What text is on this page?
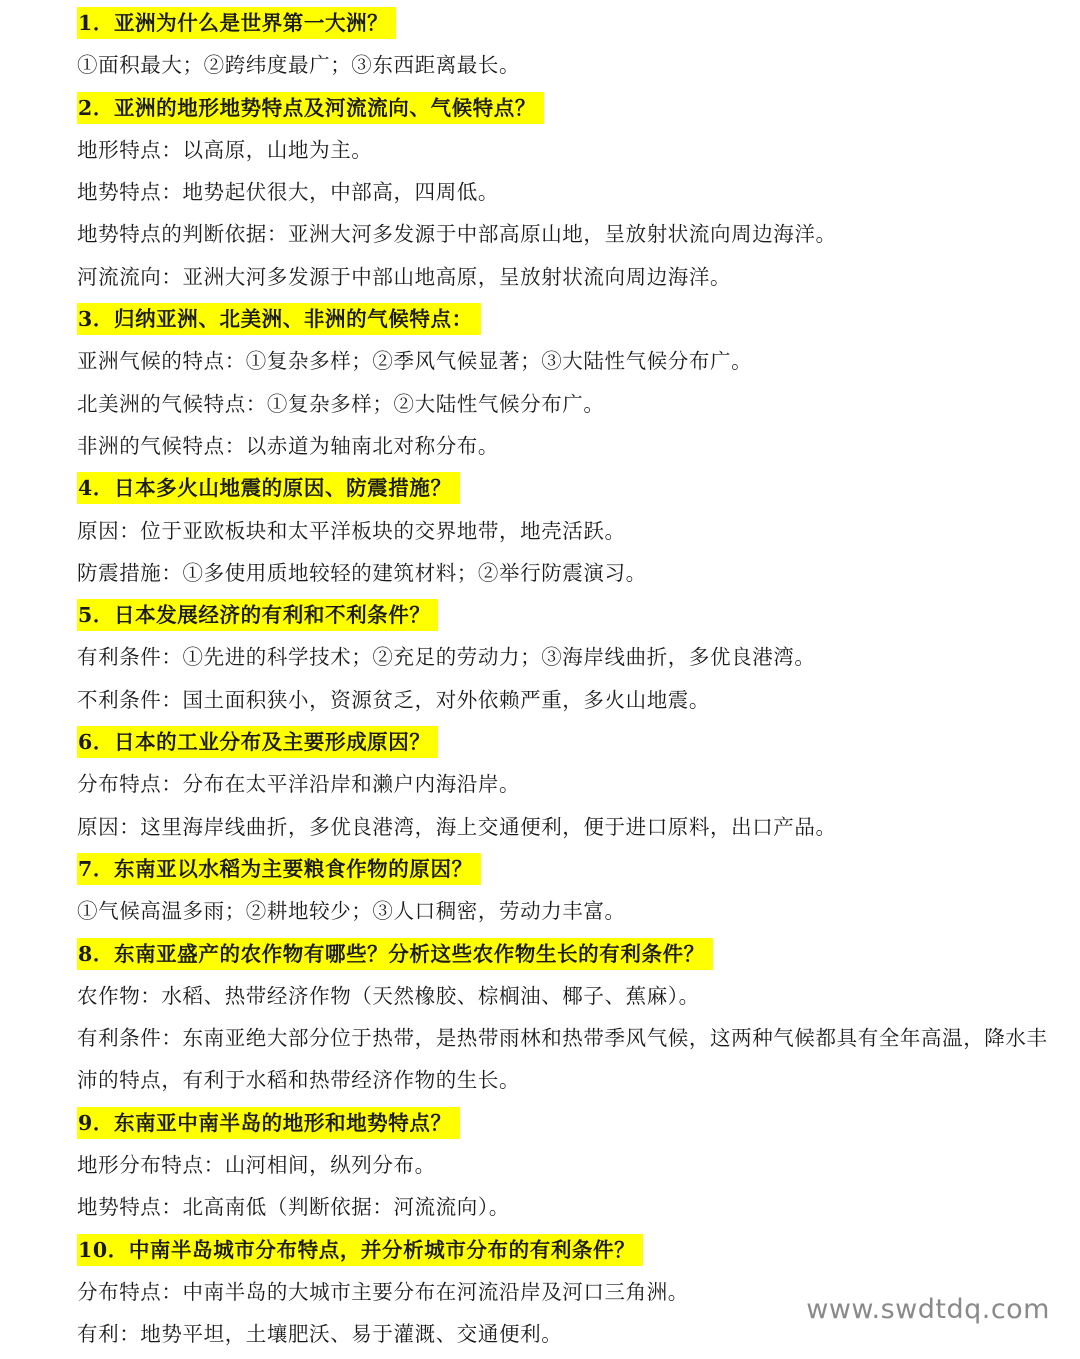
1．亚洲为什么是世界第一大洲？
①面积最大；②跨纬度最广；③东西距离最长。
2．亚洲的地形地势特点及河流流向、气候特点？
地形特点：以高原，山地为主。
地势特点：地势起伏很大，中部高，四周低。
地势特点的判断依据：亚洲大河多发源于中部高原山地，呈放射状流向周边海洋。
河流流向：亚洲大河多发源于中部山地高原，呈放射状流向周边海洋。
3．归纳亚洲、北美洲、非洲的气候特点：
亚洲气候的特点：①复杂多样；②季风气候显著；③大陆性气候分布广。
北美洲的气候特点：①复杂多样；②大陆性气候分布广。
非洲的气候特点：以赤道为轴南北对称分布。
4．日本多火山地震的原因、防震措施？
原因：位于亚欧板块和太平洋板块的交界地带，地壳活跃。
防震措施：①多使用质地较轻的建筑材料；②举行防震演习。
5．日本发展经济的有利和不利条件？
有利条件：①先进的科学技术；②充足的劳动力；③海岸线曲折，多优良港湾。
不利条件：国土面积狭小，资源贫乏，对外依赖严重，多火山地震。
6．日本的工业分布及主要形成原因？
分布特点：分布在太平洋沿岸和濑户内海沿岸。
原因：这里海岸线曲折，多优良港湾，海上交通便利，便于进口原料，出口产品。
7．东南亚以水稻为主要粮食作物的原因？
①气候高温多雨；②耕地较少；③人口稠密，劳动力丰富。
8．东南亚盛产的农作物有哪些？分析这些农作物生长的有利条件？
农作物：水稻、热带经济作物（天然橡胶、棕榈油、椰子、蕉麻）。
有利条件：东南亚绝大部分位于热带，是热带雨林和热带季风气候，这两种气候都具有全年高温，降水丰沛的特点，有利于水稻和热带经济作物的生长。
9．东南亚中南半岛的地形和地势特点？
地形分布特点：山河相间，纵列分布。
地势特点：北高南低（判断依据：河流流向）。
10．中南半岛城市分布特点，并分析城市分布的有利条件？
分布特点：中南半岛的大城市主要分布在河流沿岸及河口三角洲。
有利：地势平坦，土壤肥沃、易于灌溉、交通便利。
www.swdtdq.com
